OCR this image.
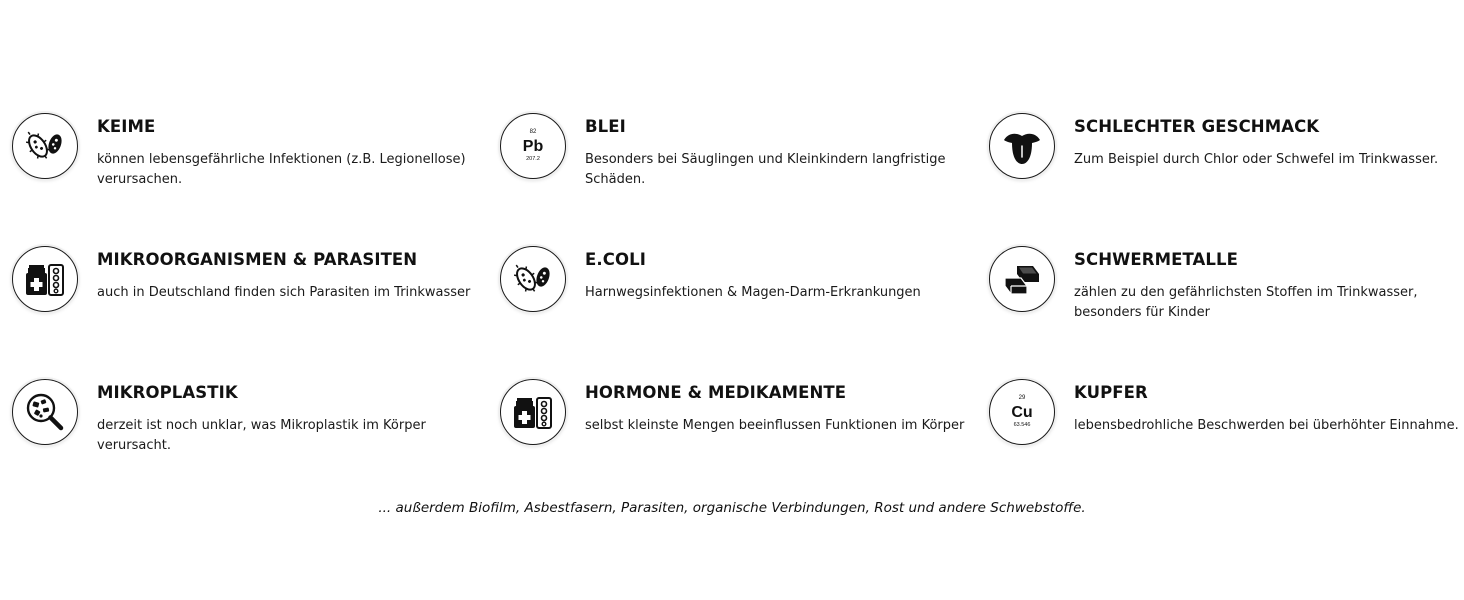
KEIME

können lebensgefährliche Infektionen (z.B. Legionellose) verursachen.

82
Pb
207.2
BLEI

Besonders bei Säuglingen und Kleinkindern langfristige Schäden.

SCHLECHTER GESCHMACK

Zum Beispiel durch Chlor oder Schwefel im Trinkwasser.

MIKROORGANISMEN & PARASITEN

auch in Deutschland finden sich Parasiten im Trinkwasser

E.COLI

Harnwegsinfektionen & Magen-Darm-Erkrankungen

SCHWERMETALLE

zählen zu den gefährlichsten Stoffen im Trinkwasser, besonders für Kinder

MIKROPLASTIK

derzeit ist noch unklar, was Mikroplastik im Körper verursacht.

HORMONE & MEDIKAMENTE

selbst kleinste Mengen beeinflussen Funktionen im Körper

29
Cu
63.546
KUPFER

lebensbedrohliche Beschwerden bei überhöhter Einnahme.

... außerdem Biofilm, Asbestfasern, Parasiten, organische Verbindungen, Rost und andere Schwebstoffe.
